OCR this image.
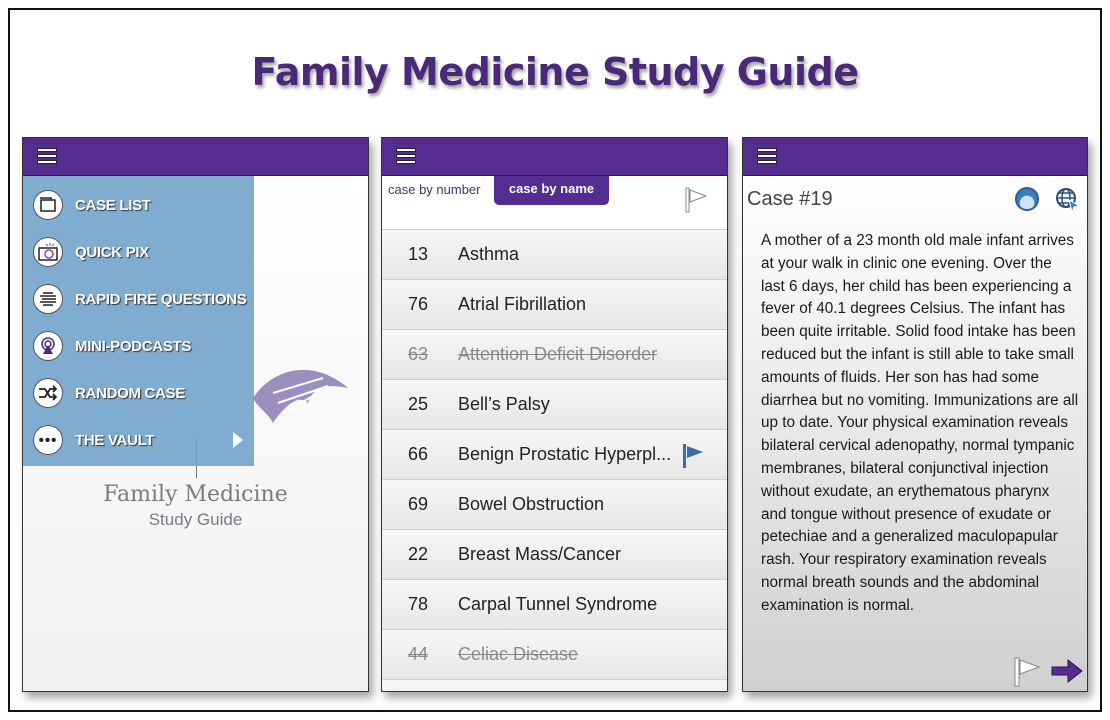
Family Medicine Study Guide
Family Medicine
Study Guide
CASE LIST
QUICK PIX
RAPID FIRE QUESTIONS
MINI-PODCASTS
RANDOM CASE
•••	THE VAULT
case by number	case by name
13	Asthma
76	Atrial Fibrillation
63	Attention Deficit Disorder
25	Bell’s Palsy
66	Benign Prostatic Hyperpl...
69	Bowel Obstruction
22	Breast Mass/Cancer
78	Carpal Tunnel Syndrome
44	Celiac Disease
Case #19
A mother of a 23 month old male infant arrives at your walk in clinic one evening. Over the last 6 days, her child has been experiencing a fever of 40.1 degrees Celsius. The infant has been quite irritable. Solid food intake has been reduced but the infant is still able to take small amounts of fluids. Her son has had some diarrhea but no vomiting. Immunizations are all up to date. Your physical examination reveals bilateral cervical adenopathy, normal tympanic membranes, bilateral conjunctival injection without exudate, an erythematous pharynx and tongue without presence of exudate or petechiae and a generalized maculopapular rash. Your respiratory examination reveals normal breath sounds and the abdominal examination is normal.
